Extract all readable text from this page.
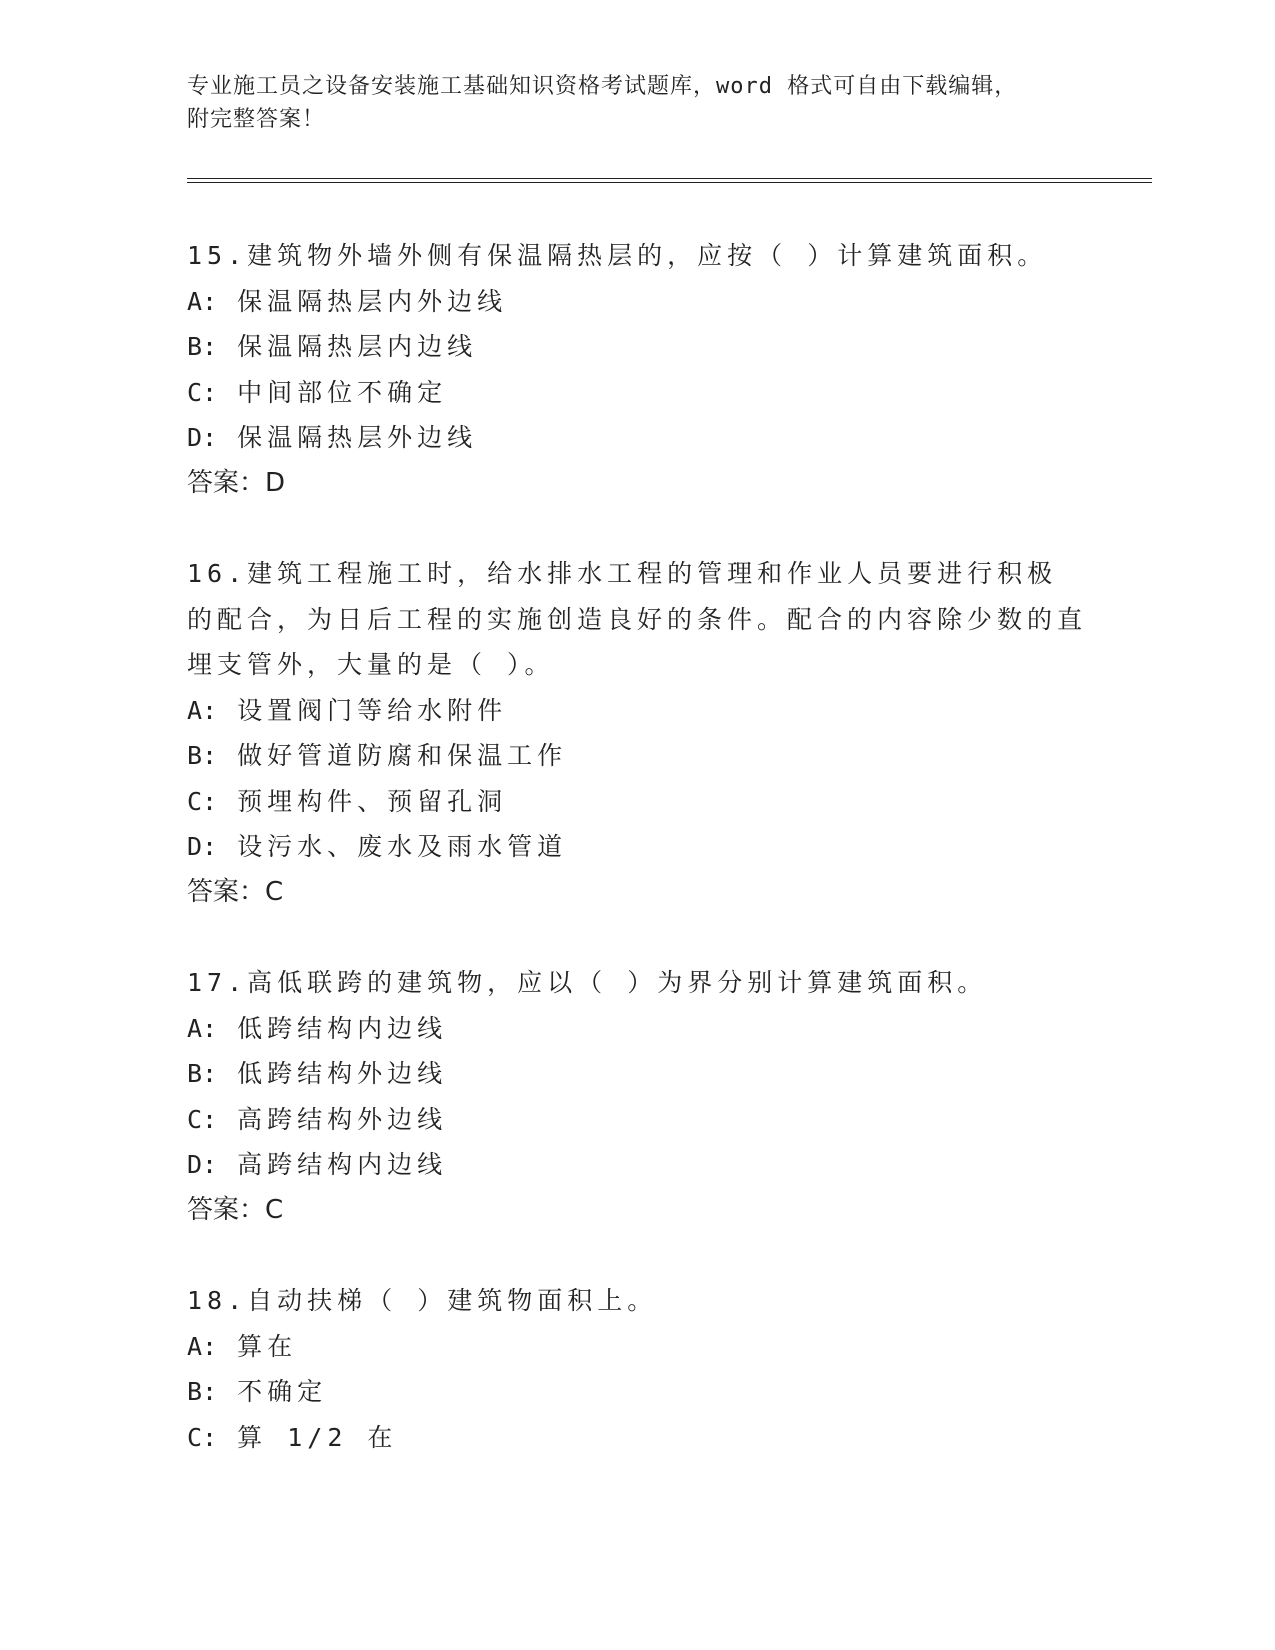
专业施工员之设备安装施工基础知识资格考试题库，word 格式可自由下载编辑，
附完整答案！

15.建筑物外墙外侧有保温隔热层的，应按（ ）计算建筑面积。

A: 保温隔热层内外边线

B: 保温隔热层内边线

C: 中间部位不确定

D: 保温隔热层外边线

答案：D

16.建筑工程施工时，给水排水工程的管理和作业人员要进行积极的配合，为日后工程的实施创造良好的条件。配合的内容除少数的直埋支管外，大量的是（ ）。

A: 设置阀门等给水附件

B: 做好管道防腐和保温工作

C: 预埋构件、预留孔洞

D: 设污水、废水及雨水管道

答案：C

17.高低联跨的建筑物，应以（ ）为界分别计算建筑面积。

A: 低跨结构内边线

B: 低跨结构外边线

C: 高跨结构外边线

D: 高跨结构内边线

答案：C

18.自动扶梯（ ）建筑物面积上。

A: 算在

B: 不确定

C: 算 1/2 在
